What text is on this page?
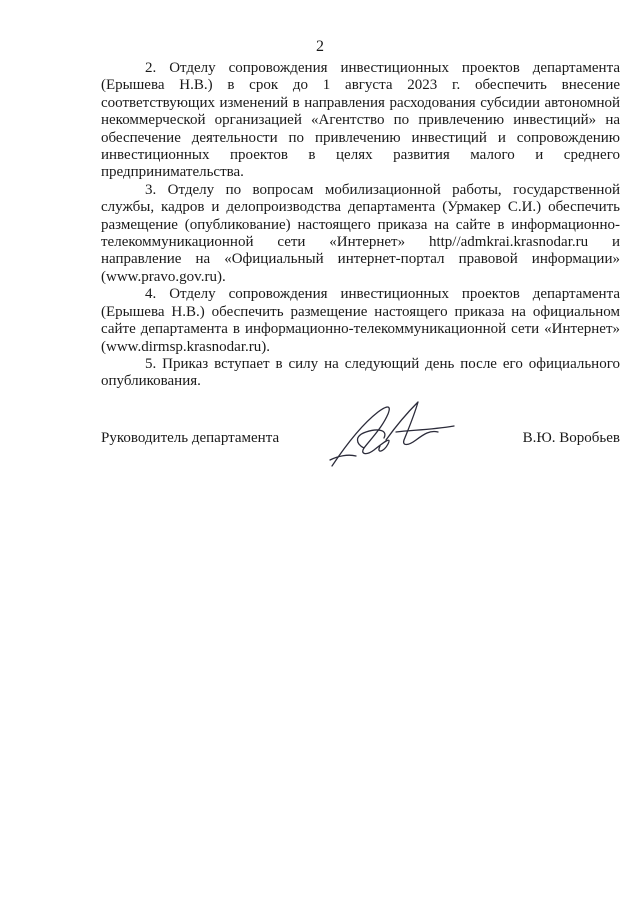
2

2. Отделу сопровождения инвестиционных проектов департамента (Ерышева Н.В.) в срок до 1 августа 2023 г. обеспечить внесение соответствующих изменений в направления расходования субсидии автономной некоммерческой организацией «Агентство по привлечению инвестиций» на обеспечение деятельности по привлечению инвестиций и сопровождению инвестиционных проектов в целях развития малого и среднего предпринимательства.

3. Отделу по вопросам мобилизационной работы, государственной службы, кадров и делопроизводства департамента (Урмакер С.И.) обеспечить размещение (опубликование) настоящего приказа на сайте в информационно-телекоммуникационной сети «Интернет» http//admkrai.krasnodar.ru и направление на «Официальный интернет-портал правовой информации» (www.pravo.gov.ru).

4. Отделу сопровождения инвестиционных проектов департамента (Ерышева Н.В.) обеспечить размещение настоящего приказа на официальном сайте департамента в информационно-телекоммуникационной сети «Интернет» (www.dirmsp.krasnodar.ru).

5. Приказ вступает в силу на следующий день после его официального опубликования.

Руководитель департамента	В.Ю. Воробьев
